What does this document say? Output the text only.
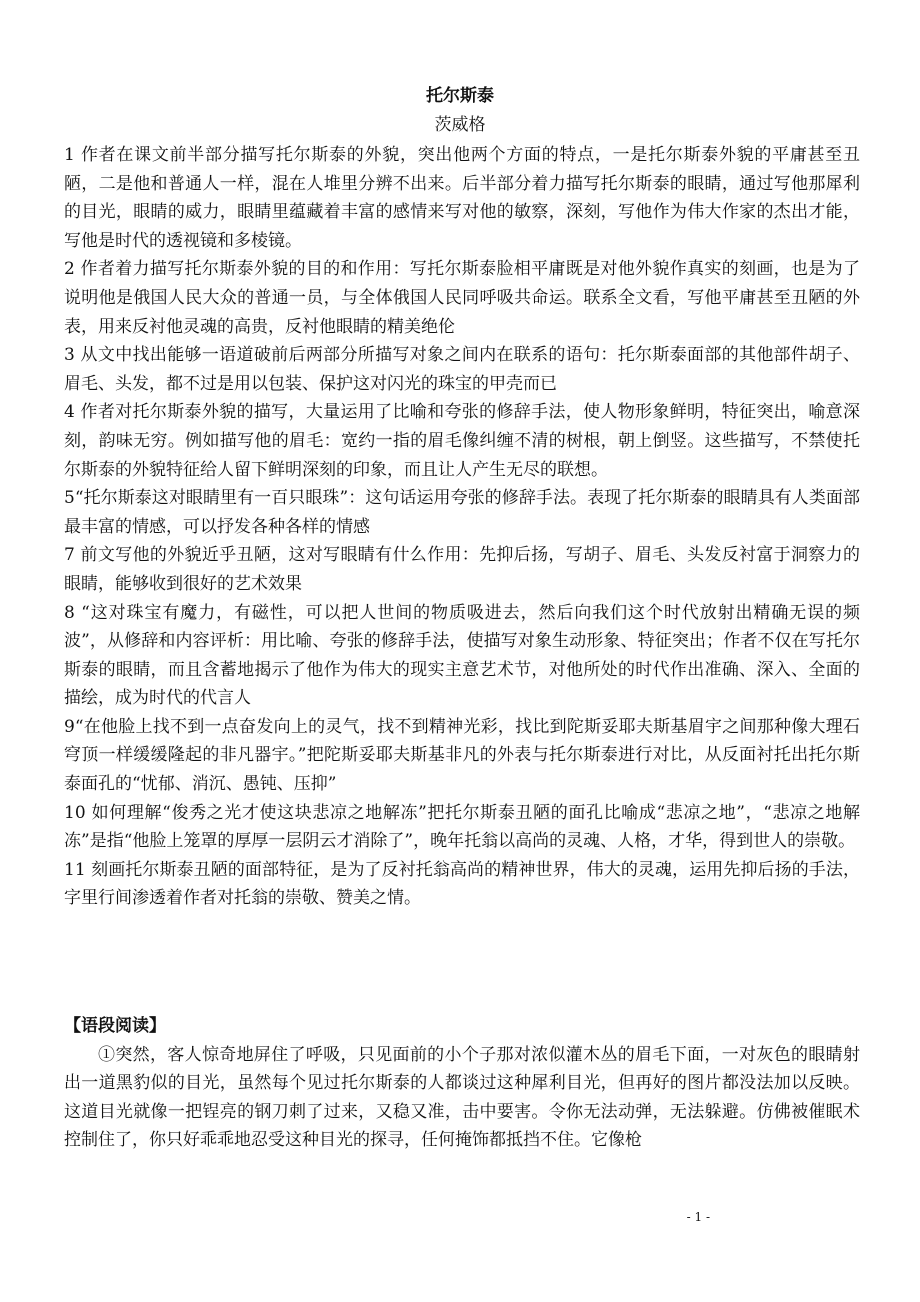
托尔斯泰
茨威格

1 作者在课文前半部分描写托尔斯泰的外貌，突出他两个方面的特点，一是托尔斯泰外貌的平庸甚至丑陋，二是他和普通人一样，混在人堆里分辨不出来。后半部分着力描写托尔斯泰的眼睛，通过写他那犀利的目光，眼睛的威力，眼睛里蕴藏着丰富的感情来写对他的敏察，深刻，写他作为伟大作家的杰出才能，写他是时代的透视镜和多棱镜。

2 作者着力描写托尔斯泰外貌的目的和作用：写托尔斯泰脸相平庸既是对他外貌作真实的刻画，也是为了说明他是俄国人民大众的普通一员，与全体俄国人民同呼吸共命运。联系全文看，写他平庸甚至丑陋的外表，用来反衬他灵魂的高贵，反衬他眼睛的精美绝伦

3 从文中找出能够一语道破前后两部分所描写对象之间内在联系的语句：托尔斯泰面部的其他部件胡子、眉毛、头发，都不过是用以包装、保护这对闪光的珠宝的甲壳而已

4 作者对托尔斯泰外貌的描写，大量运用了比喻和夸张的修辞手法，使人物形象鲜明，特征突出，喻意深刻，韵味无穷。例如描写他的眉毛：宽约一指的眉毛像纠缠不清的树根，朝上倒竖。这些描写，不禁使托尔斯泰的外貌特征给人留下鲜明深刻的印象，而且让人产生无尽的联想。

5“托尔斯泰这对眼睛里有一百只眼珠”：这句话运用夸张的修辞手法。表现了托尔斯泰的眼睛具有人类面部最丰富的情感，可以抒发各种各样的情感

7 前文写他的外貌近乎丑陋，这对写眼睛有什么作用：先抑后扬，写胡子、眉毛、头发反衬富于洞察力的眼睛，能够收到很好的艺术效果

8 “这对珠宝有魔力，有磁性，可以把人世间的物质吸进去，然后向我们这个时代放射出精确无误的频波”，从修辞和内容评析：用比喻、夸张的修辞手法，使描写对象生动形象、特征突出；作者不仅在写托尔斯泰的眼睛，而且含蓄地揭示了他作为伟大的现实主意艺术节，对他所处的时代作出准确、深入、全面的描绘，成为时代的代言人

9“在他脸上找不到一点奋发向上的灵气，找不到精神光彩，找比到陀斯妥耶夫斯基眉宇之间那种像大理石穹顶一样缓缓隆起的非凡器宇。”把陀斯妥耶夫斯基非凡的外表与托尔斯泰进行对比，从反面衬托出托尔斯泰面孔的“忧郁、消沉、愚钝、压抑”

10 如何理解“俊秀之光才使这块悲凉之地解冻”把托尔斯泰丑陋的面孔比喻成“悲凉之地”，“悲凉之地解冻”是指“他脸上笼罩的厚厚一层阴云才消除了”，晚年托翁以高尚的灵魂、人格，才华，得到世人的崇敬。

11 刻画托尔斯泰丑陋的面部特征，是为了反衬托翁高尚的精神世界，伟大的灵魂，运用先抑后扬的手法，字里行间渗透着作者对托翁的崇敬、赞美之情。

【语段阅读】

①突然，客人惊奇地屏住了呼吸，只见面前的小个子那对浓似灌木丛的眉毛下面，一对灰色的眼睛射出一道黑豹似的目光，虽然每个见过托尔斯泰的人都谈过这种犀利目光，但再好的图片都没法加以反映。这道目光就像一把锃亮的钢刀刺了过来，又稳又准，击中要害。令你无法动弹，无法躲避。仿佛被催眠术控制住了，你只好乖乖地忍受这种目光的探寻，任何掩饰都抵挡不住。它像枪

- 1 -
